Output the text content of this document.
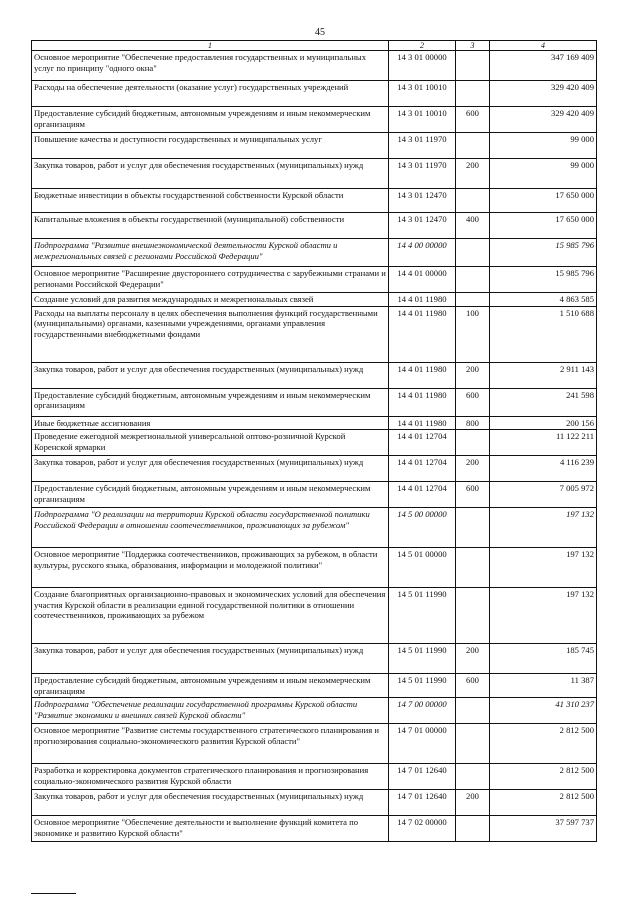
45
1	2	3	4
Основное мероприятие "Обеспечение предоставления государственных и муниципальных услуг по принципу "одного окна"	14 3 01 00000		347 169 409
Расходы на обеспечение деятельности (оказание услуг) государственных учреждений	14 3 01 10010		329 420 409
Предоставление субсидий бюджетным, автономным учреждениям и иным некоммерческим организациям	14 3 01 10010	600	329 420 409
Повышение качества и доступности государственных и муниципальных услуг	14 3 01 11970		99 000
Закупка товаров, работ и услуг для обеспечения государственных (муниципальных) нужд	14 3 01 11970	200	99 000
Бюджетные инвестиции в объекты государственной собственности Курской области	14 3 01 12470		17 650 000
Капитальные вложения в объекты государственной (муниципальной) собственности	14 3 01 12470	400	17 650 000
Подпрограмма "Развитие внешнеэкономической деятельности Курской области и межрегиональных связей с регионами Российской Федерации"	14 4 00 00000		15 985 796
Основное мероприятие "Расширение двустороннего сотрудничества с зарубежными странами и регионами Российской Федерации"	14 4 01 00000		15 985 796
Создание условий для развития международных и межрегиональных связей	14 4 01 11980		4 863 585
Расходы на выплаты персоналу в целях обеспечения выполнения функций государственными (муниципальными) органами, казенными учреждениями, органами управления государственными внебюджетными фондами	14 4 01 11980	100	1 510 688
Закупка товаров, работ и услуг для обеспечения государственных (муниципальных) нужд	14 4 01 11980	200	2 911 143
Предоставление субсидий бюджетным, автономным учреждениям и иным некоммерческим организациям	14 4 01 11980	600	241 598
Иные бюджетные ассигнования	14 4 01 11980	800	200 156
Проведение ежегодной межрегиональной универсальной оптово-розничной Курской Коренской ярмарки	14 4 01 12704		11 122 211
Закупка товаров, работ и услуг для обеспечения государственных (муниципальных) нужд	14 4 01 12704	200	4 116 239
Предоставление субсидий бюджетным, автономным учреждениям и иным некоммерческим организациям	14 4 01 12704	600	7 005 972
Подпрограмма "О реализации на территории Курской области государственной политики Российской Федерации в отношении соотечественников, проживающих за рубежом"	14 5 00 00000		197 132
Основное мероприятие "Поддержка соотечественников, проживающих за рубежом, в области культуры, русского языка, образования, информации и молодежной политики"	14 5 01 00000		197 132
Создание благоприятных организационно-правовых и экономических условий для обеспечения участия Курской области в реализации единой государственной политики в отношении соотечественников, проживающих за рубежом	14 5 01 11990		197 132
Закупка товаров, работ и услуг для обеспечения государственных (муниципальных) нужд	14 5 01 11990	200	185 745
Предоставление субсидий бюджетным, автономным учреждениям и иным некоммерческим организациям	14 5 01 11990	600	11 387
Подпрограмма "Обеспечение реализации государственной программы Курской области "Развитие экономики и внешних связей Курской области"	14 7 00 00000		41 310 237
Основное мероприятие "Развитие системы государственного стратегического планирования и прогнозирования социально-экономического развития Курской области"	14 7 01 00000		2 812 500
Разработка и корректировка документов стратегического планирования и прогнозирования социально-экономического развития Курской области	14 7 01 12640		2 812 500
Закупка товаров, работ и услуг для обеспечения государственных (муниципальных) нужд	14 7 01 12640	200	2 812 500
Основное мероприятие "Обеспечение деятельности и выполнение функций комитета по экономике и развитию Курской области"	14 7 02 00000		37 597 737
